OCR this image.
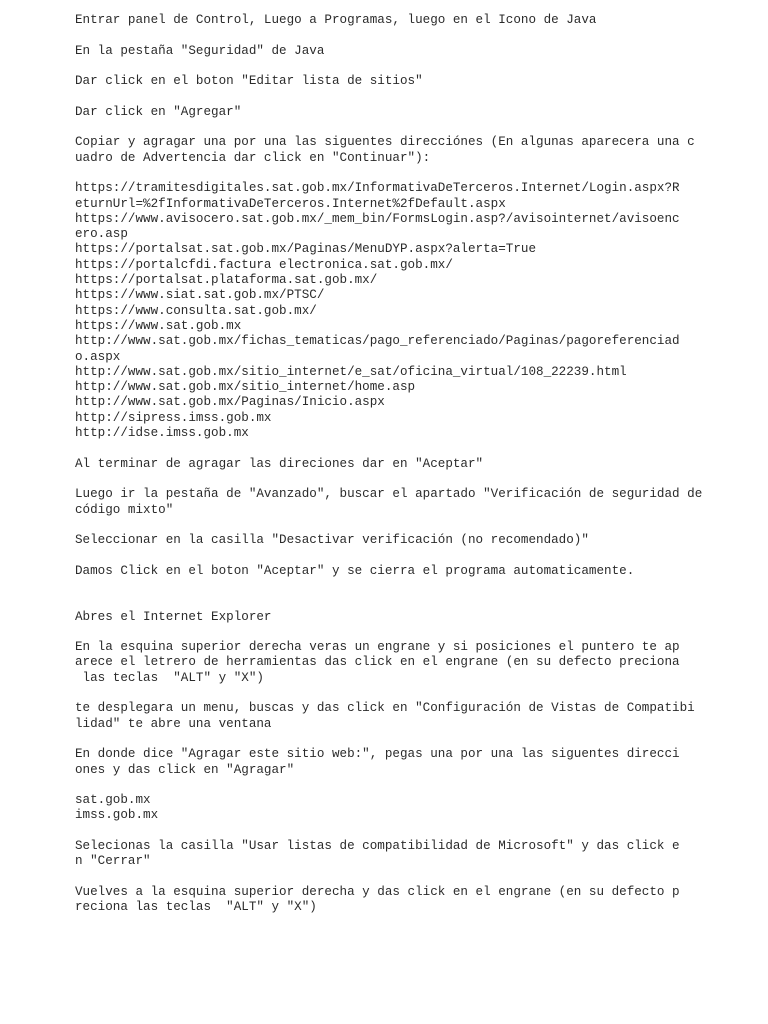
Entrar panel de Control, Luego a Programas, luego en el Icono de Java
En la pestaña "Seguridad" de Java
Dar click en el boton "Editar lista de sitios"
Dar click en "Agregar"
Copiar y agragar una por una las siguentes direcciónes (En algunas aparecera una c
uadro de Advertencia dar click en "Continuar"):
https://tramitesdigitales.sat.gob.mx/InformativaDeTerceros.Internet/Login.aspx?R
eturnUrl=%2fInformativaDeTerceros.Internet%2fDefault.aspx
https://www.avisocero.sat.gob.mx/_mem_bin/FormsLogin.asp?/avisointernet/avisoenc
ero.asp
https://portalsat.sat.gob.mx/Paginas/MenuDYP.aspx?alerta=True
https://portalcfdi.factura electronica.sat.gob.mx/
https://portalsat.plataforma.sat.gob.mx/
https://www.siat.sat.gob.mx/PTSC/
https://www.consulta.sat.gob.mx/
https://www.sat.gob.mx
http://www.sat.gob.mx/fichas_tematicas/pago_referenciado/Paginas/pagoreferenciad
o.aspx
http://www.sat.gob.mx/sitio_internet/e_sat/oficina_virtual/108_22239.html
http://www.sat.gob.mx/sitio_internet/home.asp
http://www.sat.gob.mx/Paginas/Inicio.aspx
http://sipress.imss.gob.mx
http://idse.imss.gob.mx
Al terminar de agragar las direciones dar en "Aceptar"
Luego ir la pestaña de "Avanzado", buscar el apartado "Verificación de seguridad de
código mixto"
Seleccionar en la casilla "Desactivar verificación (no recomendado)"
Damos Click en el boton "Aceptar" y se cierra el programa automaticamente.
Abres el Internet Explorer
En la esquina superior derecha veras un engrane y si posiciones el puntero te ap
arece el letrero de herramientas das click en el engrane (en su defecto preciona
las teclas  "ALT" y "X")
te desplegara un menu, buscas y das click en "Configuración de Vistas de Compatibi
lidad" te abre una ventana
En donde dice "Agragar este sitio web:", pegas una por una las siguentes direcci
ones y das click en "Agragar"
sat.gob.mx
imss.gob.mx
Selecionas la casilla "Usar listas de compatibilidad de Microsoft" y das click e
n "Cerrar"
Vuelves a la esquina superior derecha y das click en el engrane (en su defecto p
reciona las teclas  "ALT" y "X")
